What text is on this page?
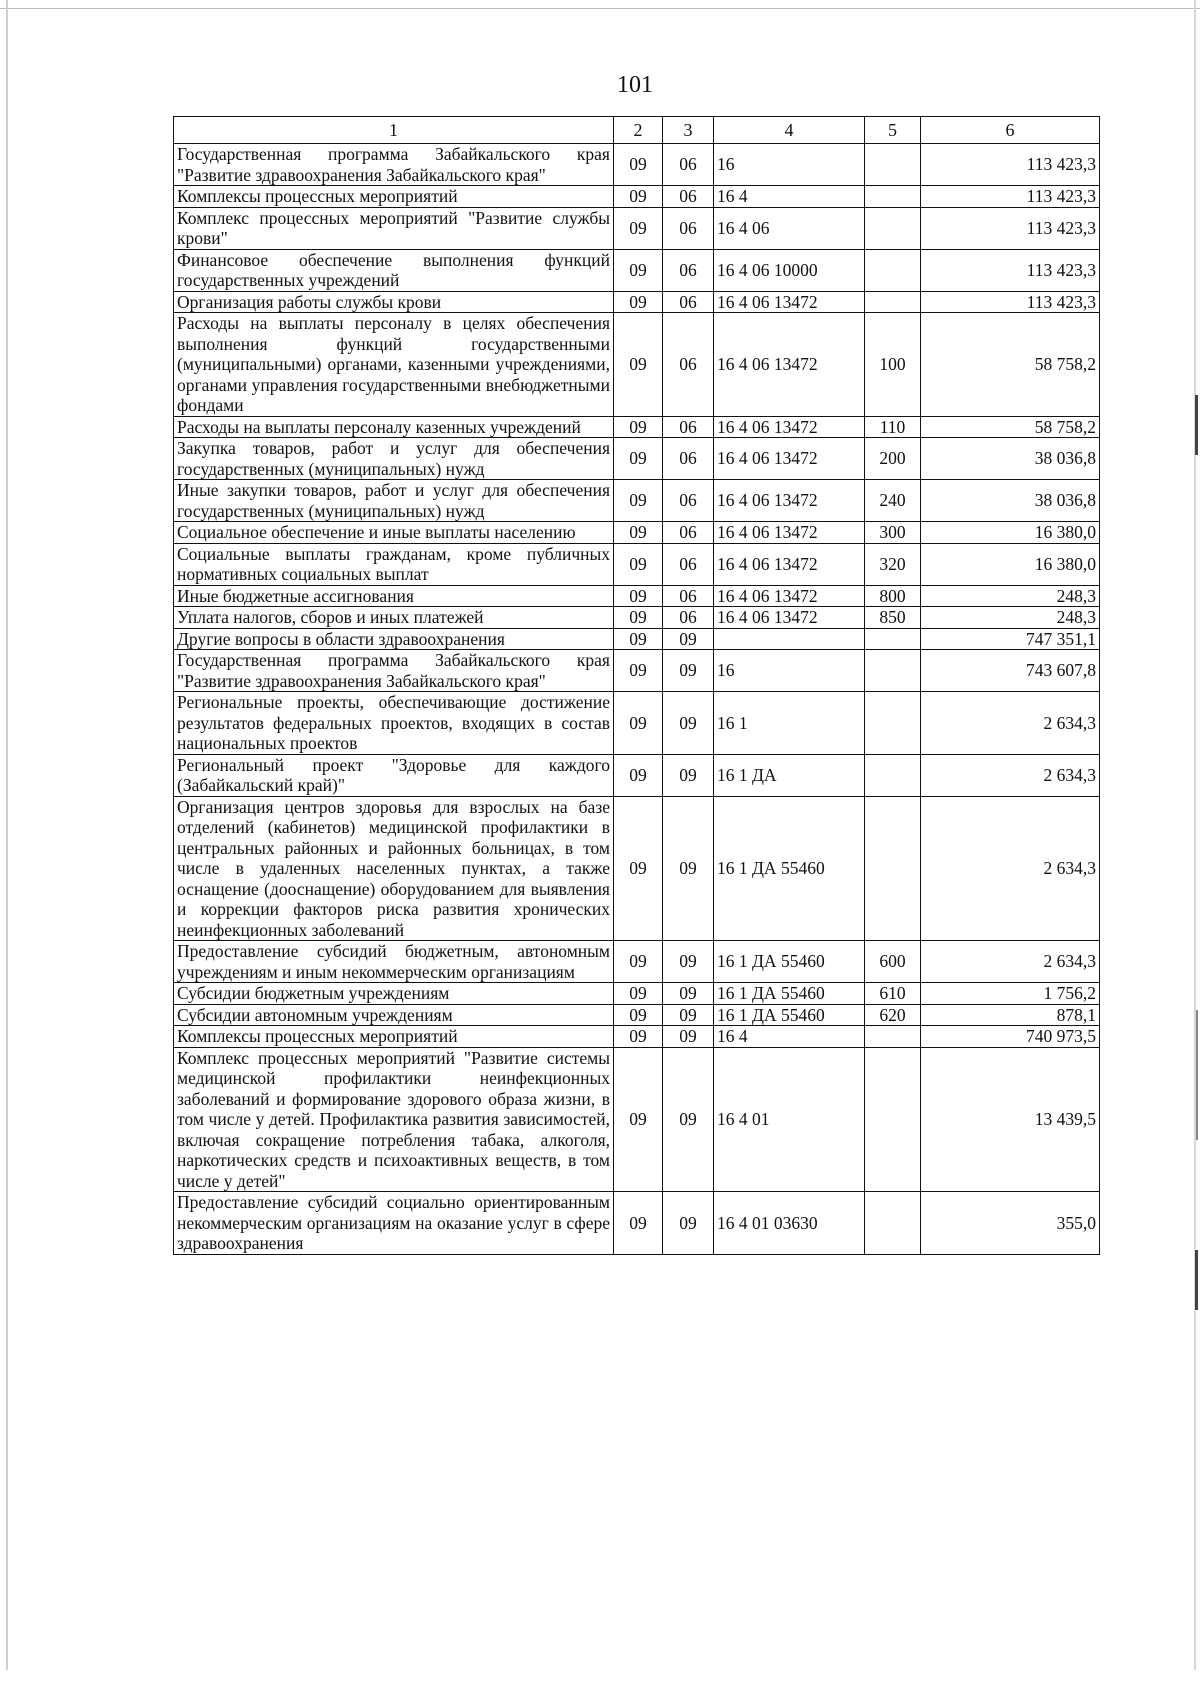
101
1	2	3	4	5	6
Государственная программа Забайкальского края "Развитие здравоохранения Забайкальского края"	09	06	16		113 423,3
Комплексы процессных мероприятий	09	06	16 4		113 423,3
Комплекс процессных мероприятий "Развитие службы крови"	09	06	16 4 06		113 423,3
Финансовое обеспечение выполнения функций государственных учреждений	09	06	16 4 06 10000		113 423,3
Организация работы службы крови	09	06	16 4 06 13472		113 423,3
Расходы на выплаты персоналу в целях обеспечения выполнения функций государственными (муниципальными) органами, казенными учреждениями, органами управления государственными внебюджетными фондами	09	06	16 4 06 13472	100	58 758,2
Расходы на выплаты персоналу казенных учреждений	09	06	16 4 06 13472	110	58 758,2
Закупка товаров, работ и услуг для обеспечения государственных (муниципальных) нужд	09	06	16 4 06 13472	200	38 036,8
Иные закупки товаров, работ и услуг для обеспечения государственных (муниципальных) нужд	09	06	16 4 06 13472	240	38 036,8
Социальное обеспечение и иные выплаты населению	09	06	16 4 06 13472	300	16 380,0
Социальные выплаты гражданам, кроме публичных нормативных социальных выплат	09	06	16 4 06 13472	320	16 380,0
Иные бюджетные ассигнования	09	06	16 4 06 13472	800	248,3
Уплата налогов, сборов и иных платежей	09	06	16 4 06 13472	850	248,3
Другие вопросы в области здравоохранения	09	09			747 351,1
Государственная программа Забайкальского края "Развитие здравоохранения Забайкальского края"	09	09	16		743 607,8
Региональные проекты, обеспечивающие достижение результатов федеральных проектов, входящих в состав национальных проектов	09	09	16 1		2 634,3
Региональный проект "Здоровье для каждого (Забайкальский край)"	09	09	16 1 ДА		2 634,3
Организация центров здоровья для взрослых на базе отделений (кабинетов) медицинской профилактики в центральных районных и районных больницах, в том числе в удаленных населенных пунктах, а также оснащение (дооснащение) оборудованием для выявления и коррекции факторов риска развития хронических неинфекционных заболеваний	09	09	16 1 ДА 55460		2 634,3
Предоставление субсидий бюджетным, автономным учреждениям и иным некоммерческим организациям	09	09	16 1 ДА 55460	600	2 634,3
Субсидии бюджетным учреждениям	09	09	16 1 ДА 55460	610	1 756,2
Субсидии автономным учреждениям	09	09	16 1 ДА 55460	620	878,1
Комплексы процессных мероприятий	09	09	16 4		740 973,5
Комплекс процессных мероприятий "Развитие системы медицинской профилактики неинфекционных заболеваний и формирование здорового образа жизни, в том числе у детей. Профилактика развития зависимостей, включая сокращение потребления табака, алкоголя, наркотических средств и психоактивных веществ, в том числе у детей"	09	09	16 4 01		13 439,5
Предоставление субсидий социально ориентированным некоммерческим организациям на оказание услуг в сфере здравоохранения	09	09	16 4 01 03630		355,0
